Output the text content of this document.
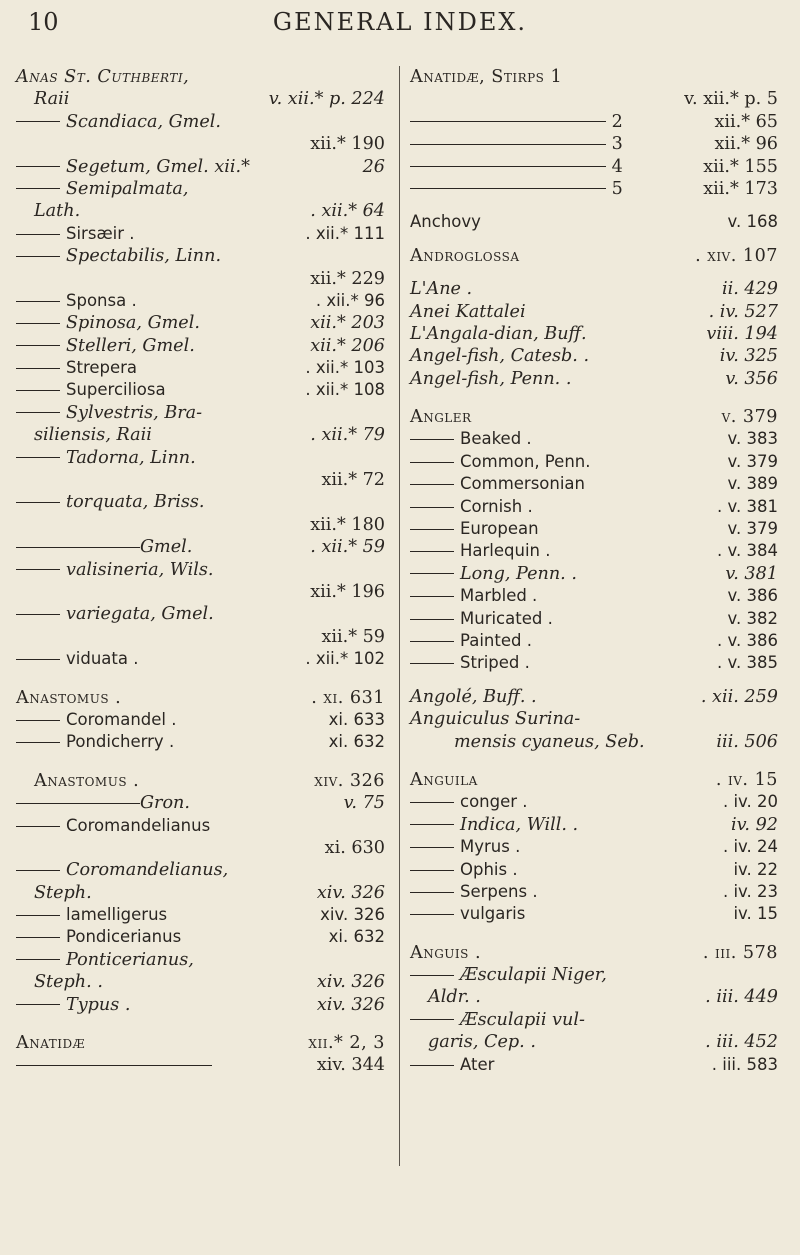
10	GENERAL INDEX.
Anas St. Cuthberti,
Raii	v. xii.* p. 224
Scandiaca, Gmel.
xii.* 190
Segetum, Gmel. xii.*	26
Semipalmata,
Lath.	. xii.* 64
Sirsæir .	. xii.* 111
Spectabilis, Linn.
xii.* 229
Sponsa .	. xii.* 96
Spinosa, Gmel.	xii.* 203
Stelleri, Gmel.	xii.* 206
Strepera	. xii.* 103
Superciliosa	. xii.* 108
Sylvestris, Bra-
siliensis, Raii	. xii.* 79
Tadorna, Linn.
xii.* 72
torquata, Briss.
xii.* 180
Gmel.	. xii.* 59
valisineria, Wils.
xii.* 196
variegata, Gmel.
xii.* 59
viduata .	. xii.* 102
Anastomus .	. xi. 631
Coromandel .	xi. 633
Pondicherry .	xi. 632
Anastomus .	xiv. 326
Gron.	v. 75
Coromandelianus
xi. 630
Coromandelianus,
Steph.	xiv. 326
lamelligerus	xiv. 326
Pondicerianus	xi. 632
Ponticerianus,
Steph. .	xiv. 326
Typus .	xiv. 326
Anatidæ	xii.* 2, 3
xiv. 344
Anatidæ, Stirps 1
v. xii.* p. 5
2	xii.* 65
3	xii.* 96
4	xii.* 155
5	xii.* 173
Anchovy	v. 168
Androglossa	. xiv. 107
L'Ane .	ii. 429
Anei Kattalei	. iv. 527
L'Angala-dian, Buff.	viii. 194
Angel-fish, Catesb. .	iv. 325
Angel-fish, Penn. .	v. 356
Angler	v. 379
Beaked .	v. 383
Common, Penn.	v. 379
Commersonian	v. 389
Cornish .	. v. 381
European	v. 379
Harlequin .	. v. 384
Long, Penn. .	v. 381
Marbled .	v. 386
Muricated .	v. 382
Painted .	. v. 386
Striped .	. v. 385
Angolé, Buff. .	. xii. 259
Anguiculus Surina-
mensis cyaneus, Seb.	iii. 506
Anguila	. iv. 15
conger .	. iv. 20
Indica, Will. .	iv. 92
Myrus .	. iv. 24
Ophis .	iv. 22
Serpens .	. iv. 23
vulgaris	iv. 15
Anguis .	. iii. 578
Æsculapii Niger,
Aldr. .	. iii. 449
Æsculapii vul-
garis, Cep. .	. iii. 452
Ater	. iii. 583
